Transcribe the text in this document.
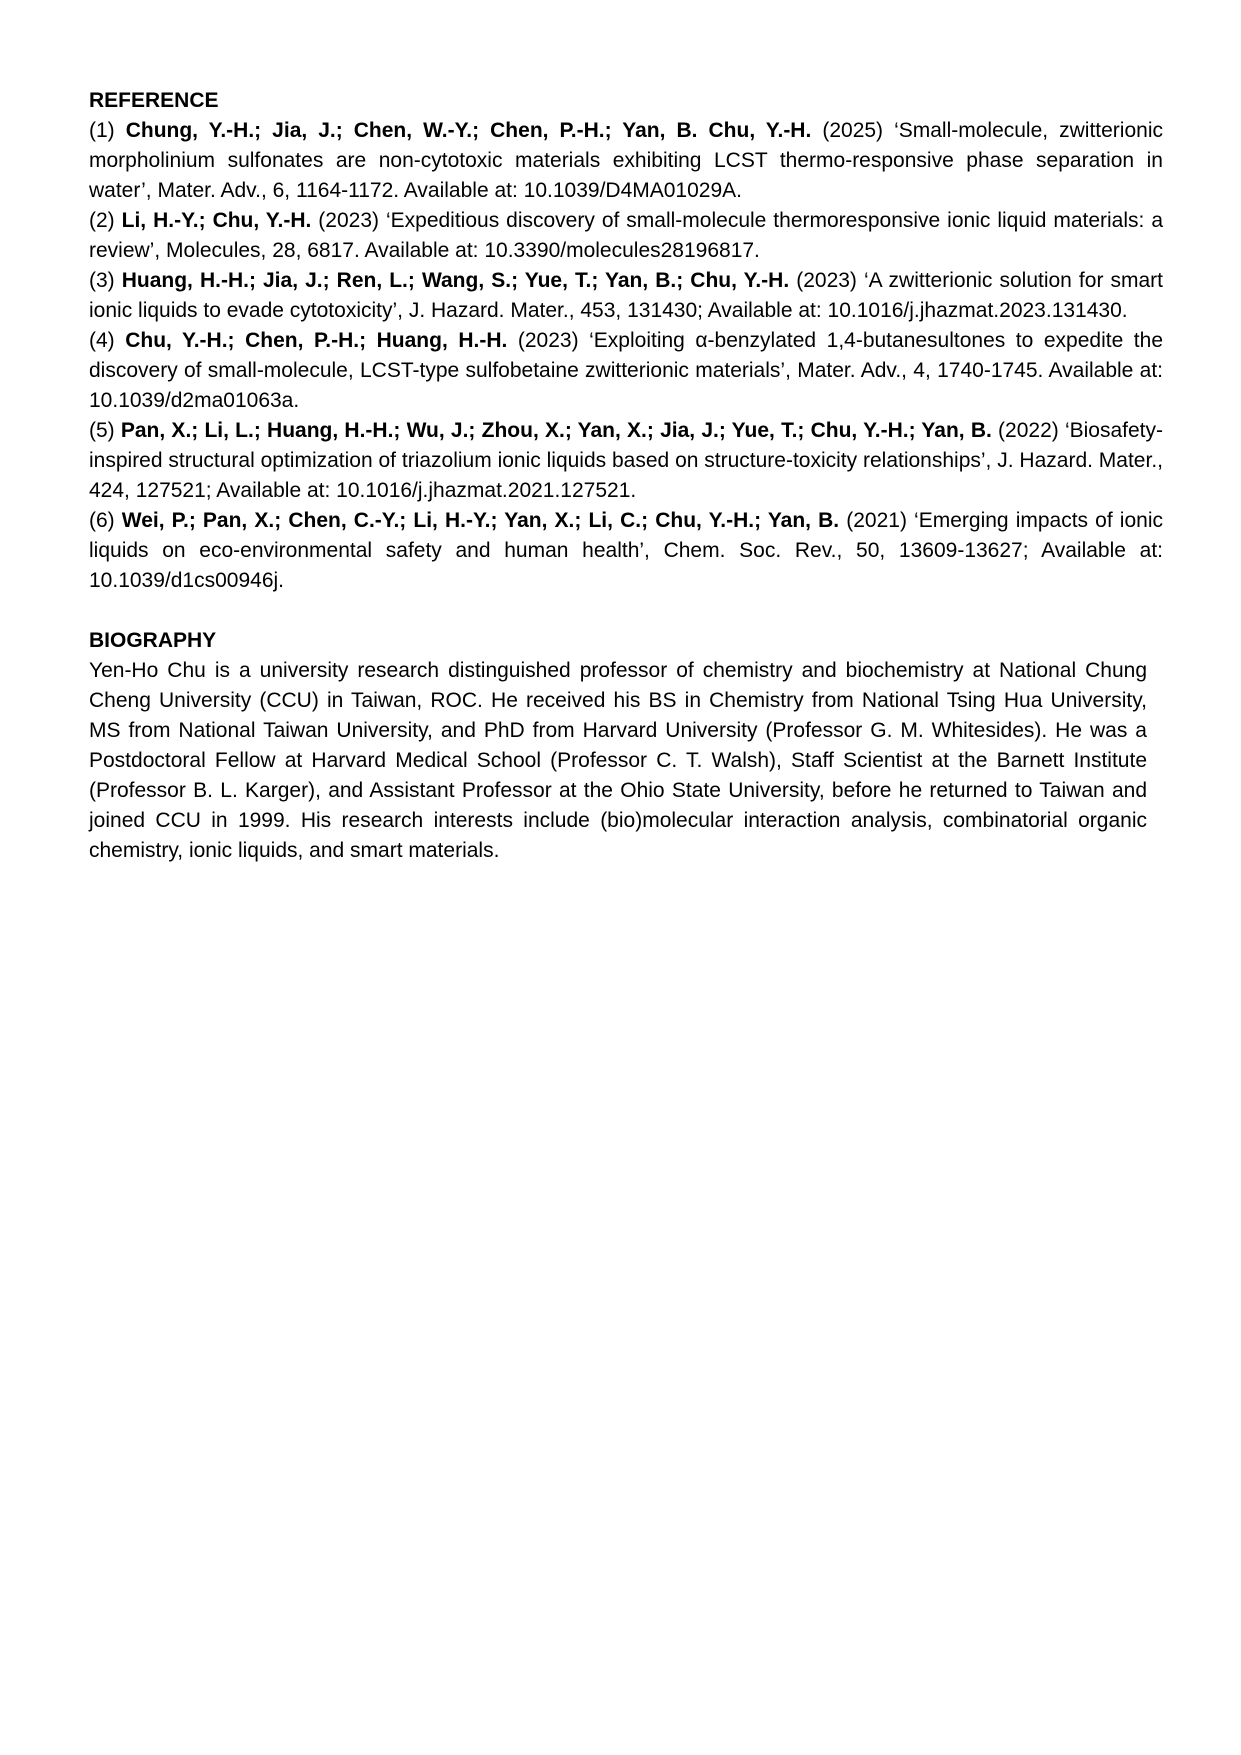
REFERENCE

(1) Chung, Y.-H.; Jia, J.; Chen, W.-Y.; Chen, P.-H.; Yan, B. Chu, Y.-H. (2025) ‘Small-molecule, zwitterionic morpholinium sulfonates are non-cytotoxic materials exhibiting LCST thermo-responsive phase separation in water’, Mater. Adv., 6, 1164-1172. Available at: 10.1039/D4MA01029A.

(2) Li, H.-Y.; Chu, Y.-H. (2023) ‘Expeditious discovery of small-molecule thermoresponsive ionic liquid materials: a review’, Molecules, 28, 6817. Available at: 10.3390/molecules28196817.

(3) Huang, H.-H.; Jia, J.; Ren, L.; Wang, S.; Yue, T.; Yan, B.; Chu, Y.-H. (2023) ‘A zwitterionic solution for smart ionic liquids to evade cytotoxicity’, J. Hazard. Mater., 453, 131430; Available at: 10.1016/j.jhazmat.2023.131430.

(4) Chu, Y.-H.; Chen, P.-H.; Huang, H.-H. (2023) ‘Exploiting α-benzylated 1,4-butanesultones to expedite the discovery of small-molecule, LCST-type sulfobetaine zwitterionic materials’, Mater. Adv., 4, 1740-1745. Available at: 10.1039/d2ma01063a.

(5) Pan, X.; Li, L.; Huang, H.-H.; Wu, J.; Zhou, X.; Yan, X.; Jia, J.; Yue, T.; Chu, Y.-H.; Yan, B. (2022) ‘Biosafety-inspired structural optimization of triazolium ionic liquids based on structure-toxicity relationships’, J. Hazard. Mater., 424, 127521; Available at: 10.1016/j.jhazmat.2021.127521.

(6) Wei, P.; Pan, X.; Chen, C.-Y.; Li, H.-Y.; Yan, X.; Li, C.; Chu, Y.-H.; Yan, B. (2021) ‘Emerging impacts of ionic liquids on eco-environmental safety and human health’, Chem. Soc. Rev., 50, 13609-13627; Available at: 10.1039/d1cs00946j.

BIOGRAPHY

Yen-Ho Chu is a university research distinguished professor of chemistry and biochemistry at National Chung Cheng University (CCU) in Taiwan, ROC. He received his BS in Chemistry from National Tsing Hua University, MS from National Taiwan University, and PhD from Harvard University (Professor G. M. Whitesides). He was a Postdoctoral Fellow at Harvard Medical School (Professor C. T. Walsh), Staff Scientist at the Barnett Institute (Professor B. L. Karger), and Assistant Professor at the Ohio State University, before he returned to Taiwan and joined CCU in 1999. His research interests include (bio)molecular interaction analysis, combinatorial organic chemistry, ionic liquids, and smart materials.
